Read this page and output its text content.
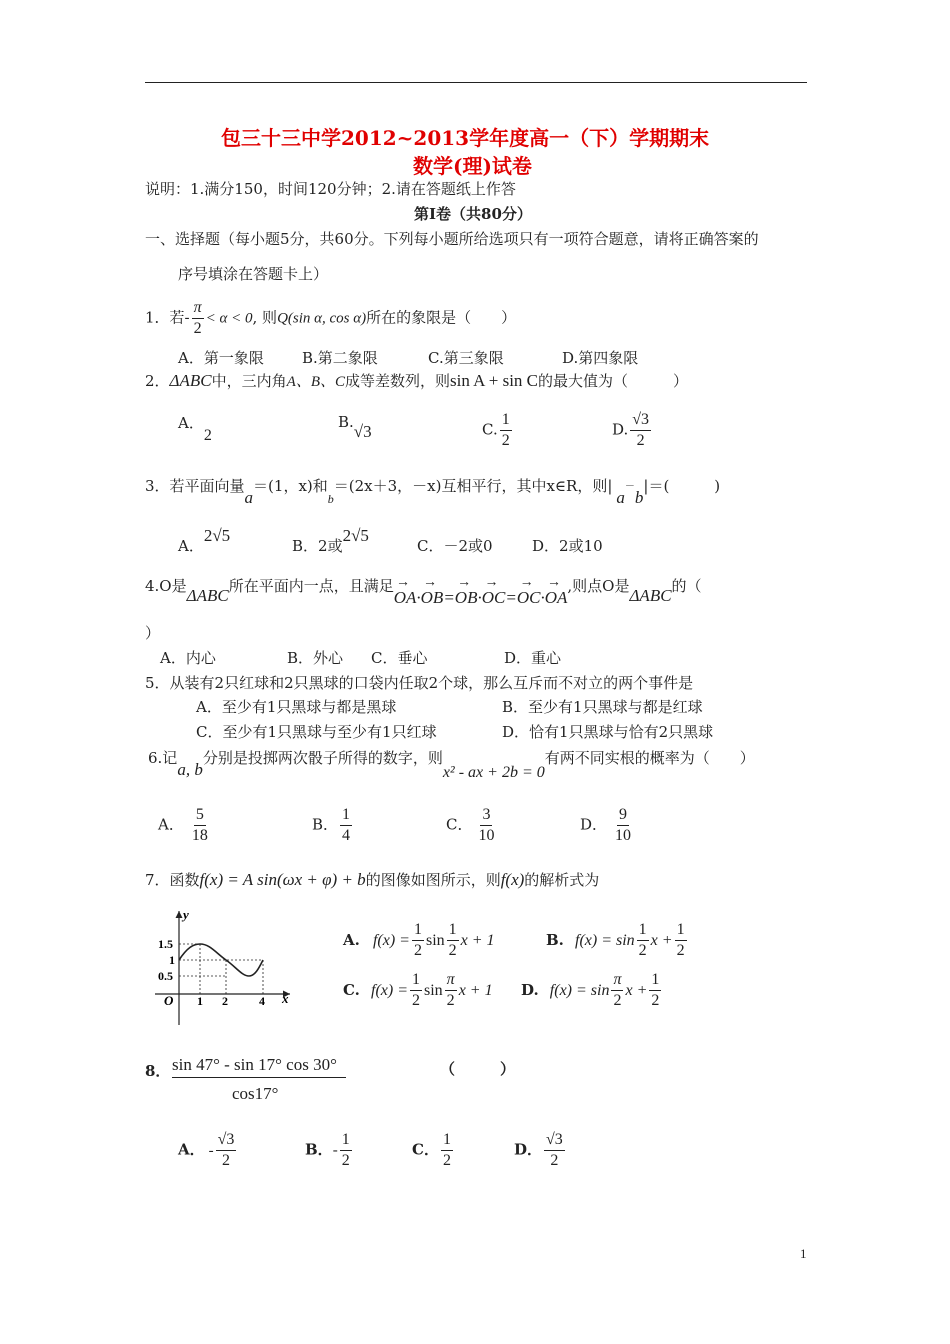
包三十三中学2012~2013学年度高一（下）学期期末
数学(理)试卷
说明：1.满分150，时间120分钟；2.请在答题纸上作答
第Ⅰ卷（共80分）
一、选择题（每小题5分，共60分。下列每小题所给选项只有一项符合题意，请将正确答案的
序号填涂在答题卡上）
1．若- $\frac{\pi}{2} < \alpha < 0$, 则Q(sin α, cos α)所在的象限是（　　）
A．第一象限	B.第二象限	C.第三象限	D.第四象限
2．ΔABC中，三内角A、B、C成等差数列，则sin A + sin C的最大值为（　　　）
A．2
B.√3	C. $\frac{1}{2}$	D. $\frac{√3}{2}$
3．若平面向量a＝(1，x)和$_b$＝(2x＋3，－x)互相平行，其中x∈R，则|a－b|＝(　　　)
A．2√5
B．2或2√5
C．－2或0	D．2或10
4.O是ΔABC所在平面内一点，且满足→ OA·→ OB=→ OB·→ OC=→ OC·→ OA,则点O是ΔABC的（
）
A．内心	B．外心 C．垂心	D．重心
5．从装有2只红球和2只黑球的口袋内任取2个球，那么互斥而不对立的两个事件是
A．至少有1只黑球与都是黑球	B．至少有1只黑球与都是红球
C．至少有1只黑球与至少有1只红球	D．恰有1只黑球与恰有2只黑球
6.记a, b分别是投掷两次骰子所得的数字，则x² - ax + 2b = 0有两不同实根的概率为（　　）
A． $\frac{5}{18}$	B． $\frac{1}{4}$	C． $\frac{3}{10}$	D． $\frac{9}{10}$
7．函数f(x) = A sin(ωx + φ) + b的图像如图所示，则f(x)的解析式为
y
x
O
1.5
1
0.5
1 2	4
A. $f(x) = \frac{1}{2}$ $\sin \frac{1}{2}$ x + 1	B. $f(x) = \sin \frac{1}{2}$ $x + \frac{1}{2}$
C. $f(x) = \frac{1}{2}$ $\sin \frac{\pi}{2}$ x + 1 D. $f(x) = \sin \frac{\pi}{2}$ $x + \frac{1}{2}$
8． $\frac{\sin 47^\circ - \sin 17^\circ \cos 30^\circ}{\cos 17^\circ}$	（　　　）
A． - $\frac{√3}{2}$	B．- $\frac{1}{2}$	C． $\frac{1}{2}$	D． $\frac{√3}{2}$
1
